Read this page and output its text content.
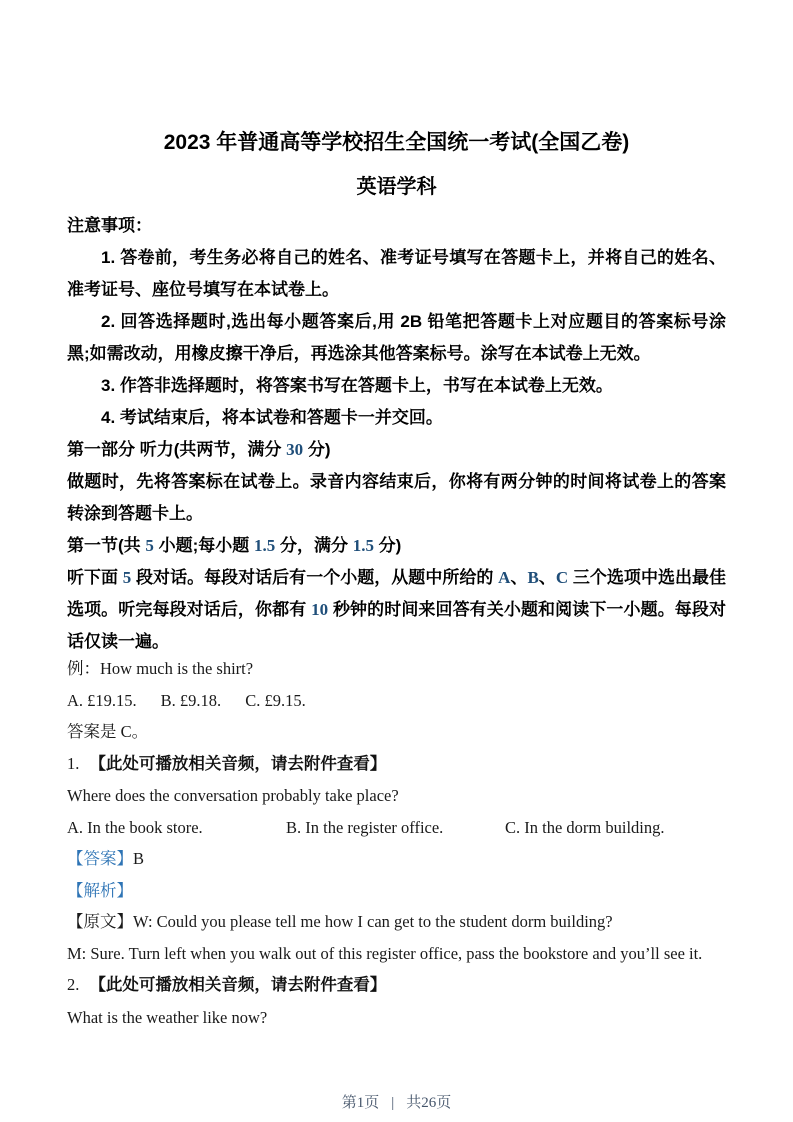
2023 年普通高等学校招生全国统一考试(全国乙卷)
英语学科

注意事项：

1. 答卷前，考生务必将自己的姓名、准考证号填写在答题卡上，并将自己的姓名、准考证号、座位号填写在本试卷上。

2. 回答选择题时,选出每小题答案后,用 2B 铅笔把答题卡上对应题目的答案标号涂黑;如需改动，用橡皮擦干净后，再选涂其他答案标号。涂写在本试卷上无效。

3. 作答非选择题时，将答案书写在答题卡上，书写在本试卷上无效。

4. 考试结束后，将本试卷和答题卡一并交回。

第一部分 听力(共两节，满分 30 分)

做题时，先将答案标在试卷上。录音内容结束后，你将有两分钟的时间将试卷上的答案转涂到答题卡上。

第一节(共 5 小题;每小题 1.5 分，满分 1.5 分)

听下面 5 段对话。每段对话后有一个小题，从题中所给的 A、B、C 三个选项中选出最佳选项。听完每段对话后，你都有 10 秒钟的时间来回答有关小题和阅读下一小题。每段对话仅读一遍。

例：How much is the shirt?

A. £19.15. B. £9.18. C. £9.15.

答案是 C。

1. 【此处可播放相关音频，请去附件查看】

Where does the conversation probably take place?

A. In the book store.	B. In the register office.	C. In the dorm building.

【答案】B

【解析】

【原文】W: Could you please tell me how I can get to the student dorm building?

M: Sure. Turn left when you walk out of this register office, pass the bookstore and you’ll see it.

2. 【此处可播放相关音频，请去附件查看】

What is the weather like now?

第1页 | 共26页
